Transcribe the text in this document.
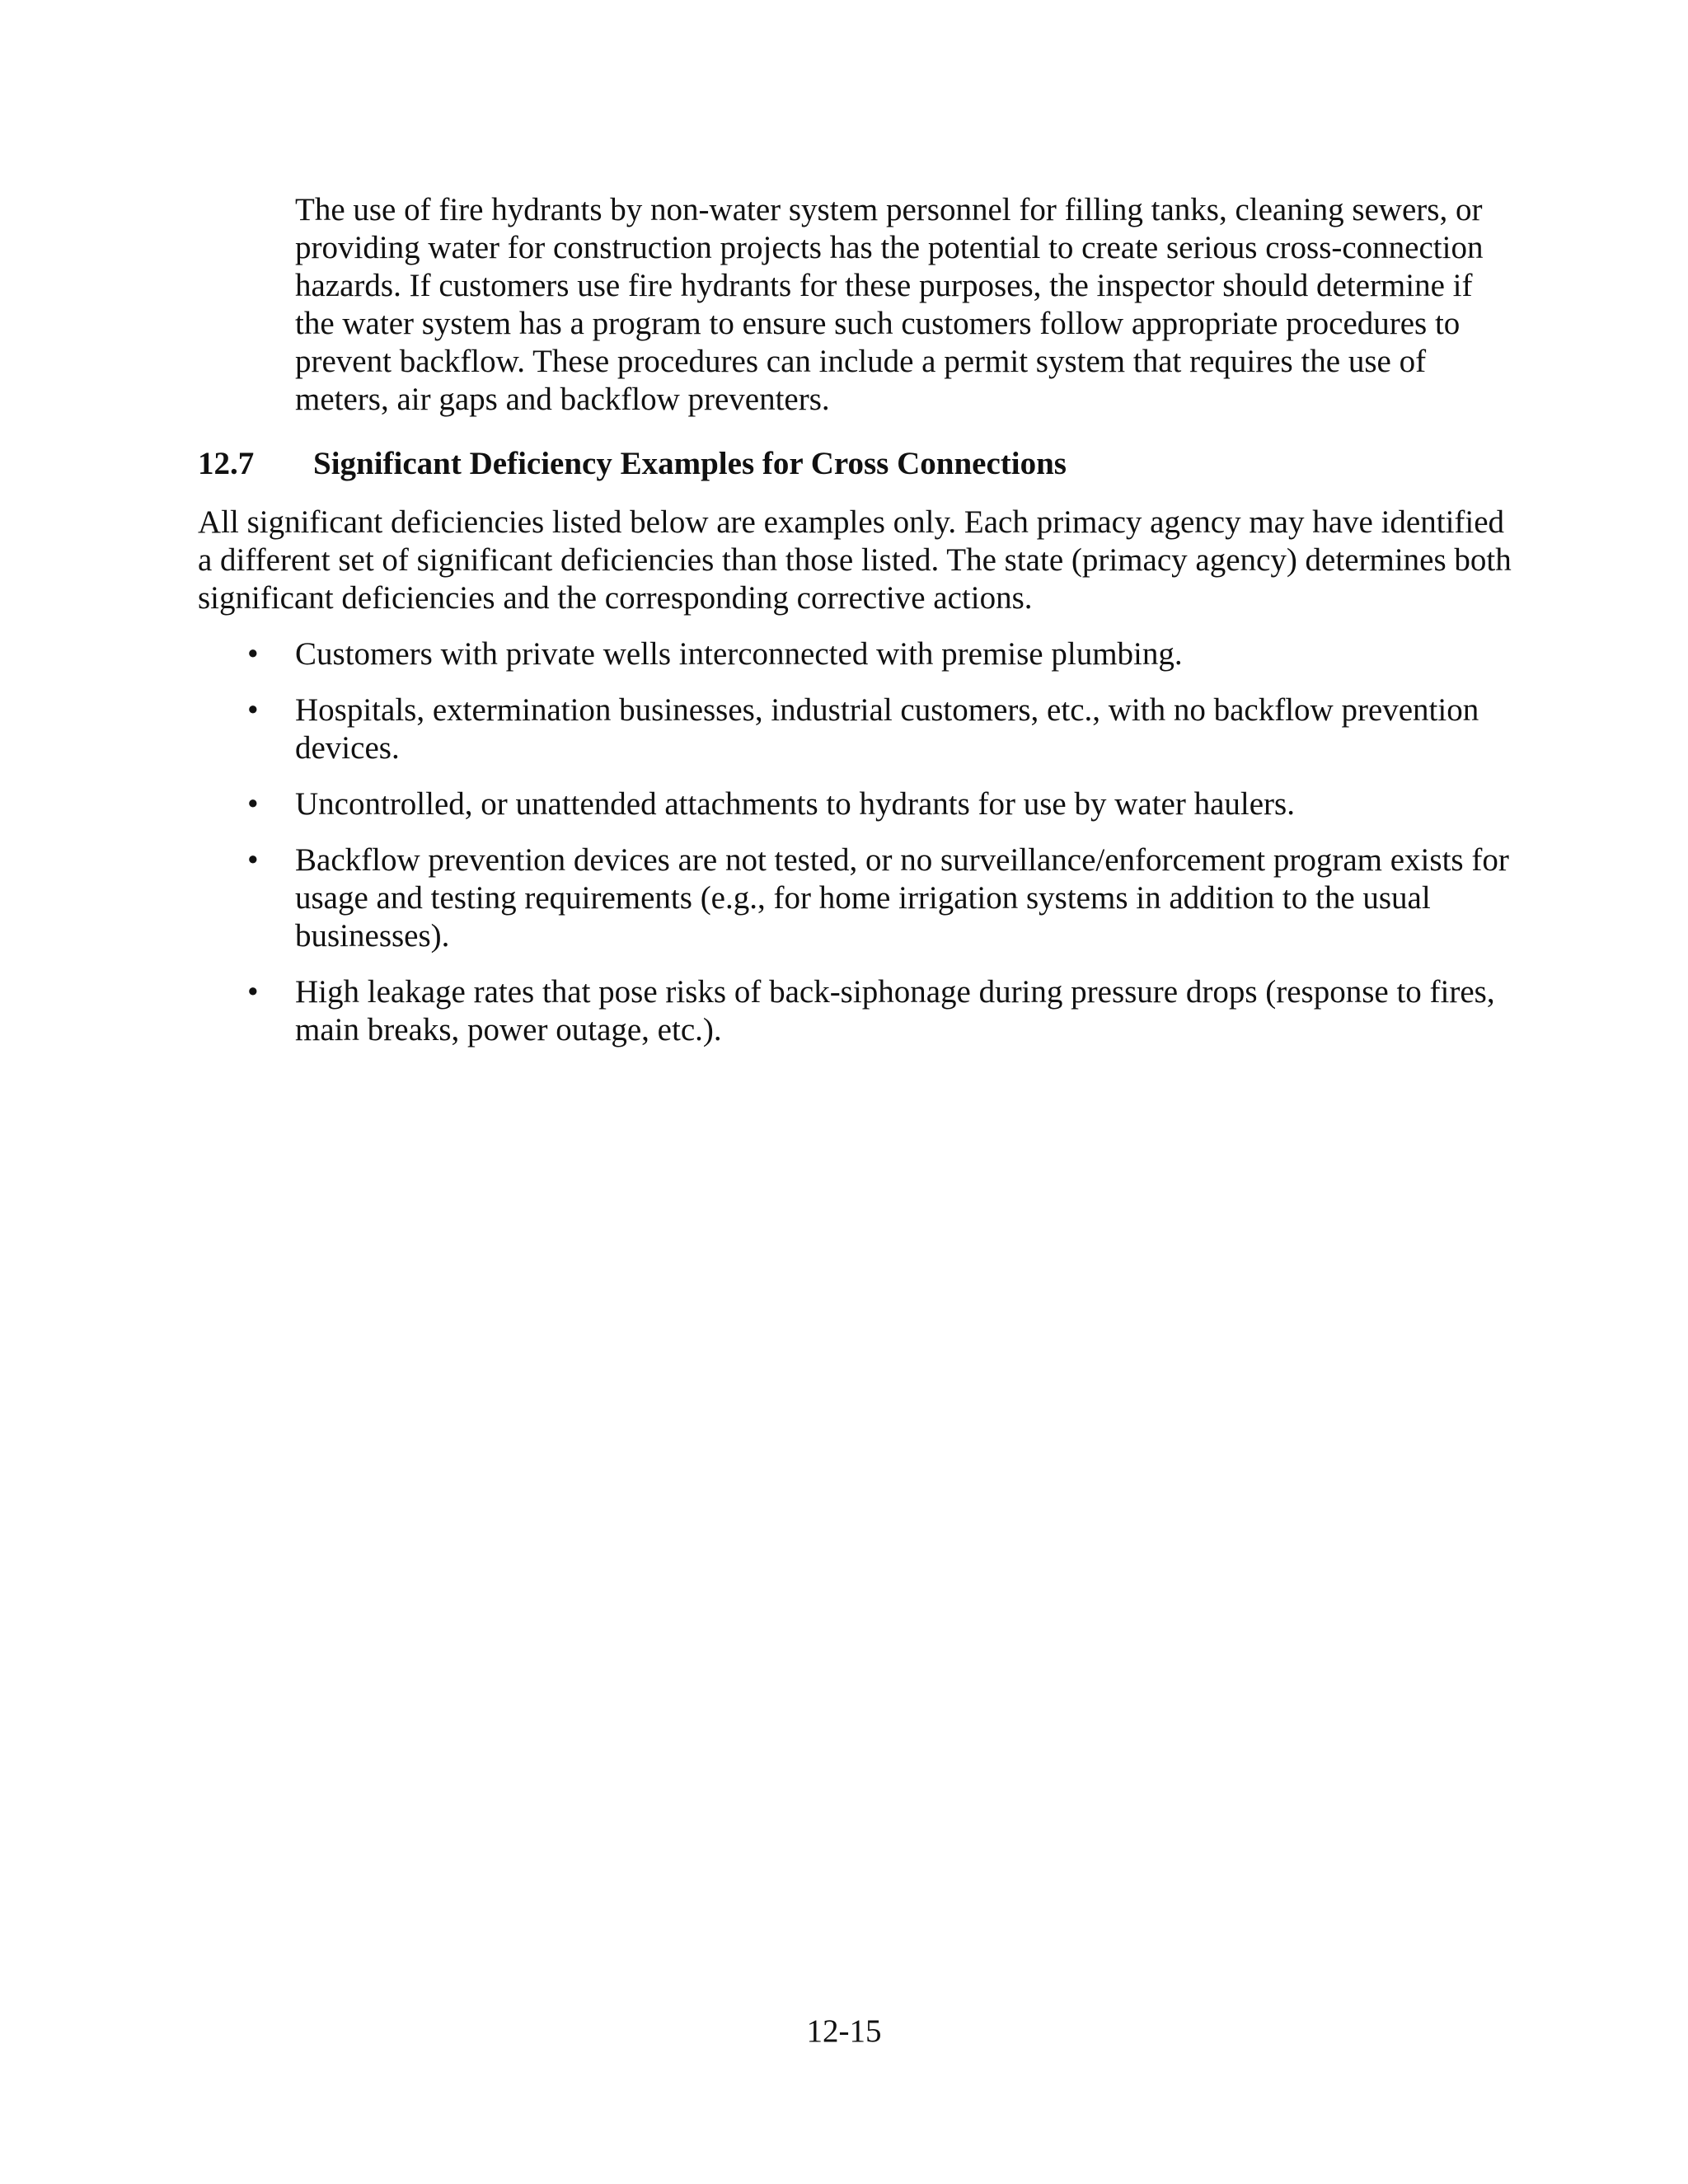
The use of fire hydrants by non-water system personnel for filling tanks, cleaning sewers, or providing water for construction projects has the potential to create serious cross-connection hazards. If customers use fire hydrants for these purposes, the inspector should determine if the water system has a program to ensure such customers follow appropriate procedures to prevent backflow. These procedures can include a permit system that requires the use of meters, air gaps and backflow preventers.

12.7 Significant Deficiency Examples for Cross Connections

All significant deficiencies listed below are examples only. Each primacy agency may have identified a different set of significant deficiencies than those listed. The state (primacy agency) determines both significant deficiencies and the corresponding corrective actions.

• Customers with private wells interconnected with premise plumbing.
• Hospitals, extermination businesses, industrial customers, etc., with no backflow prevention devices.
• Uncontrolled, or unattended attachments to hydrants for use by water haulers.
• Backflow prevention devices are not tested, or no surveillance/enforcement program exists for usage and testing requirements (e.g., for home irrigation systems in addition to the usual businesses).
• High leakage rates that pose risks of back-siphonage during pressure drops (response to fires, main breaks, power outage, etc.).

12-15
